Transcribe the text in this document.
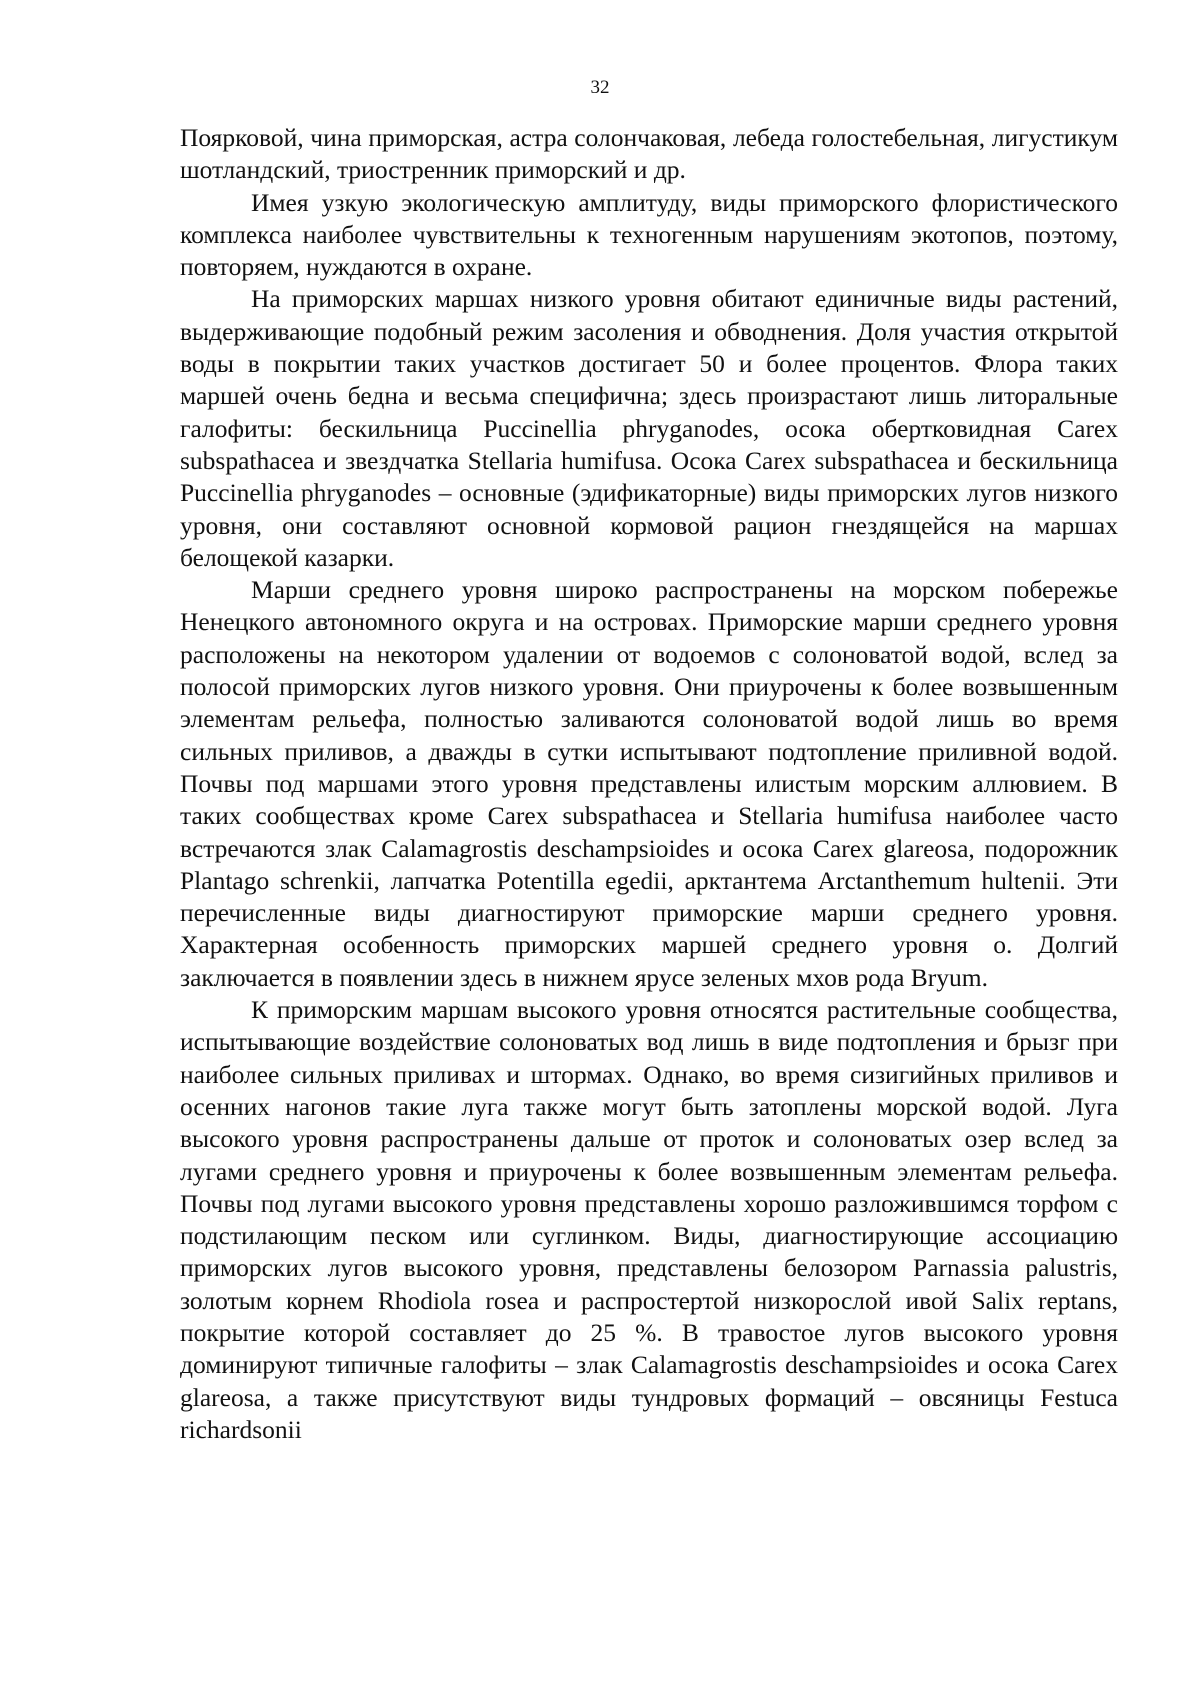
32

Поярковой, чина приморская, астра солончаковая, лебеда голостебельная, лигустикум шотландский, триостренник приморский и др.

Имея узкую экологическую амплитуду, виды приморского флористического комплекса наиболее чувствительны к техногенным нарушениям экотопов, поэтому, повторяем, нуждаются в охране.

На приморских маршах низкого уровня обитают единичные виды растений, выдерживающие подобный режим засоления и обводнения. Доля участия открытой воды в покрытии таких участков достигает 50 и более процентов. Флора таких маршей очень бедна и весьма специфична; здесь произрастают лишь литоральные галофиты: бескильница Puccinellia phryganodes, осока обертковидная Carex subspathacea и звездчатка Stellaria humifusa. Осока Carex subspathacea и бескильница Puccinellia phryganodes – основные (эдификаторные) виды приморских лугов низкого уровня, они составляют основной кормовой рацион гнездящейся на маршах белощекой казарки.

Марши среднего уровня широко распространены на морском побережье Ненецкого автономного округа и на островах. Приморские марши среднего уровня расположены на некотором удалении от водоемов с солоноватой водой, вслед за полосой приморских лугов низкого уровня. Они приурочены к более возвышенным элементам рельефа, полностью заливаются солоноватой водой лишь во время сильных приливов, а дважды в сутки испытывают подтопление приливной водой. Почвы под маршами этого уровня представлены илистым морским аллювием. В таких сообществах кроме Carex subspathacea и Stellaria humifusa наиболее часто встречаются злак Calamagrostis deschampsioides и осока Carex glareosa, подорожник Plantago schrenkii, лапчатка Potentilla egedii, арктантема Arctanthemum hultenii. Эти перечисленные виды диагностируют приморские марши среднего уровня. Характерная особенность приморских маршей среднего уровня о. Долгий заключается в появлении здесь в нижнем ярусе зеленых мхов рода Bryum.

К приморским маршам высокого уровня относятся растительные сообщества, испытывающие воздействие солоноватых вод лишь в виде подтопления и брызг при наиболее сильных приливах и штормах. Однако, во время сизигийных приливов и осенних нагонов такие луга также могут быть затоплены морской водой. Луга высокого уровня распространены дальше от проток и солоноватых озер вслед за лугами среднего уровня и приурочены к более возвышенным элементам рельефа. Почвы под лугами высокого уровня представлены хорошо разложившимся торфом с подстилающим песком или суглинком. Виды, диагностирующие ассоциацию приморских лугов высокого уровня, представлены белозором Parnassia palustris, золотым корнем Rhodiola rosea и распростертой низкорослой ивой Salix reptans, покрытие которой составляет до 25 %. В травостое лугов высокого уровня доминируют типичные галофиты – злак Calamagrostis deschampsioides и осока Carex glareosa, а также присутствуют виды тундровых формаций – овсяницы Festuca richardsonii
